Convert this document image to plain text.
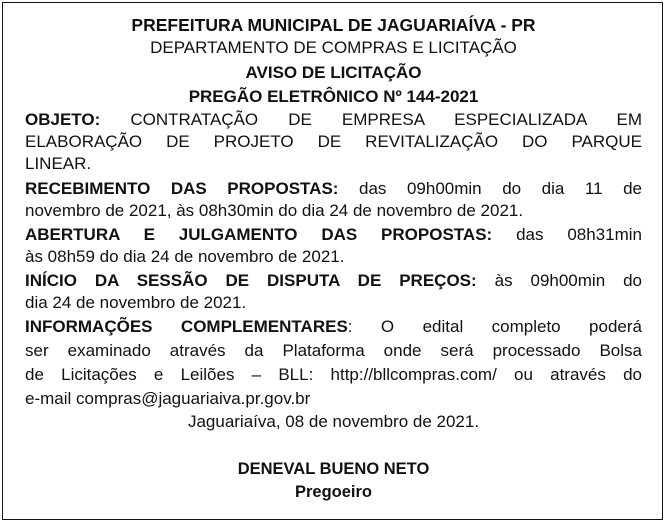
PREFEITURA MUNICIPAL DE JAGUARIAÍVA - PR
DEPARTAMENTO DE COMPRAS E LICITAÇÃO
AVISO DE LICITAÇÃO
PREGÃO ELETRÔNICO Nº 144-2021
OBJETO: CONTRATAÇÃO DE EMPRESA ESPECIALIZADA EM
ELABORAÇÃO DE PROJETO DE REVITALIZAÇÃO DO PARQUE
LINEAR.
RECEBIMENTO DAS PROPOSTAS: das 09h00min do dia 11 de
novembro de 2021, às 08h30min do dia 24 de novembro de 2021.
ABERTURA E JULGAMENTO DAS PROPOSTAS: das 08h31min
às 08h59 do dia 24 de novembro de 2021.
INÍCIO DA SESSÃO DE DISPUTA DE PREÇOS: às 09h00min do
dia 24 de novembro de 2021.
INFORMAÇÕES COMPLEMENTARES: O edital completo poderá
ser examinado através da Plataforma onde será processado Bolsa
de Licitações e Leilões – BLL: http://bllcompras.com/ ou através do
e-mail compras@jaguariaiva.pr.gov.br
Jaguariaíva, 08 de novembro de 2021.
DENEVAL BUENO NETO
Pregoeiro
